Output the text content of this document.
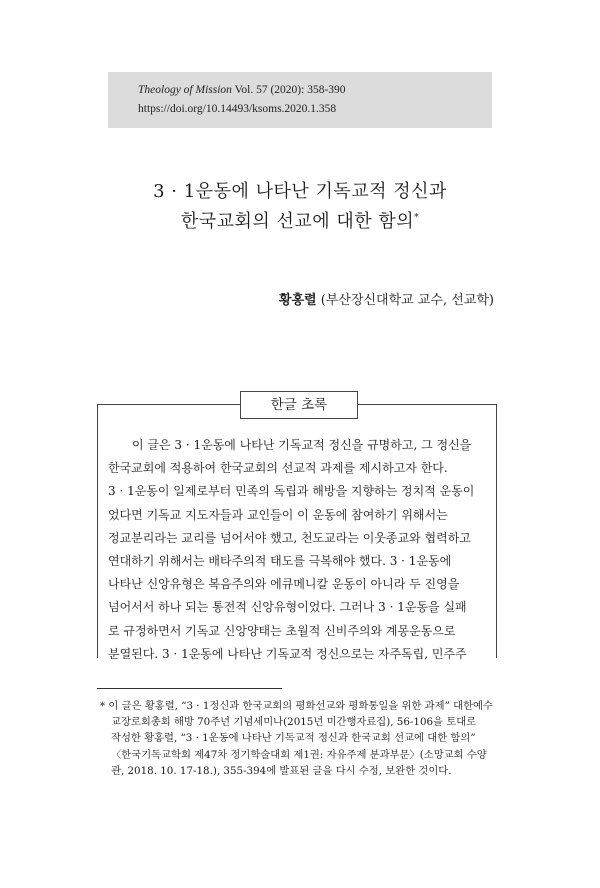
Theology of Mission Vol. 57 (2020): 358-390
https://doi.org/10.14493/ksoms.2020.1.358
3 · 1운동에 나타난 기독교적 정신과
한국교회의 선교에 대한 함의*
황홍렬 (부산장신대학교 교수, 선교학)
한글 초록
이 글은 3 · 1운동에 나타난 기독교적 정신을 규명하고, 그 정신을
한국교회에 적용하여 한국교회의 선교적 과제를 제시하고자 한다.
3 · 1운동이 일제로부터 민족의 독립과 해방을 지향하는 정치적 운동이
었다면 기독교 지도자들과 교인들이 이 운동에 참여하기 위해서는
정교분리라는 교리를 넘어서야 했고, 천도교라는 이웃종교와 협력하고
연대하기 위해서는 배타주의적 태도를 극복해야 했다. 3 · 1운동에
나타난 신앙유형은 복음주의와 에큐메니칼 운동이 아니라 두 진영을
넘어서서 하나 되는 통전적 신앙유형이었다. 그러나 3 · 1운동을 실패
로 규정하면서 기독교 신앙양태는 초월적 신비주의와 계몽운동으로
분열된다. 3 · 1운동에 나타난 기독교적 정신으로는 자주독립, 민주주
* 이 글은 황홍렬, “3 · 1정신과 한국교회의 평화선교와 평화통일을 위한 과제” 대한예수
교장로회총회 해방 70주년 기념세미나(2015년 미간행자료집), 56-106을 토대로
작성한 황홍렬, “3 · 1운동에 나타난 기독교적 정신과 한국교회 선교에 대한 함의”
〈한국기독교학회 제47차 정기학술대회 제1권: 자유주제 분과부문〉(소망교회 수양
관, 2018. 10. 17-18.), 355-394에 발표된 글을 다시 수정, 보완한 것이다.
